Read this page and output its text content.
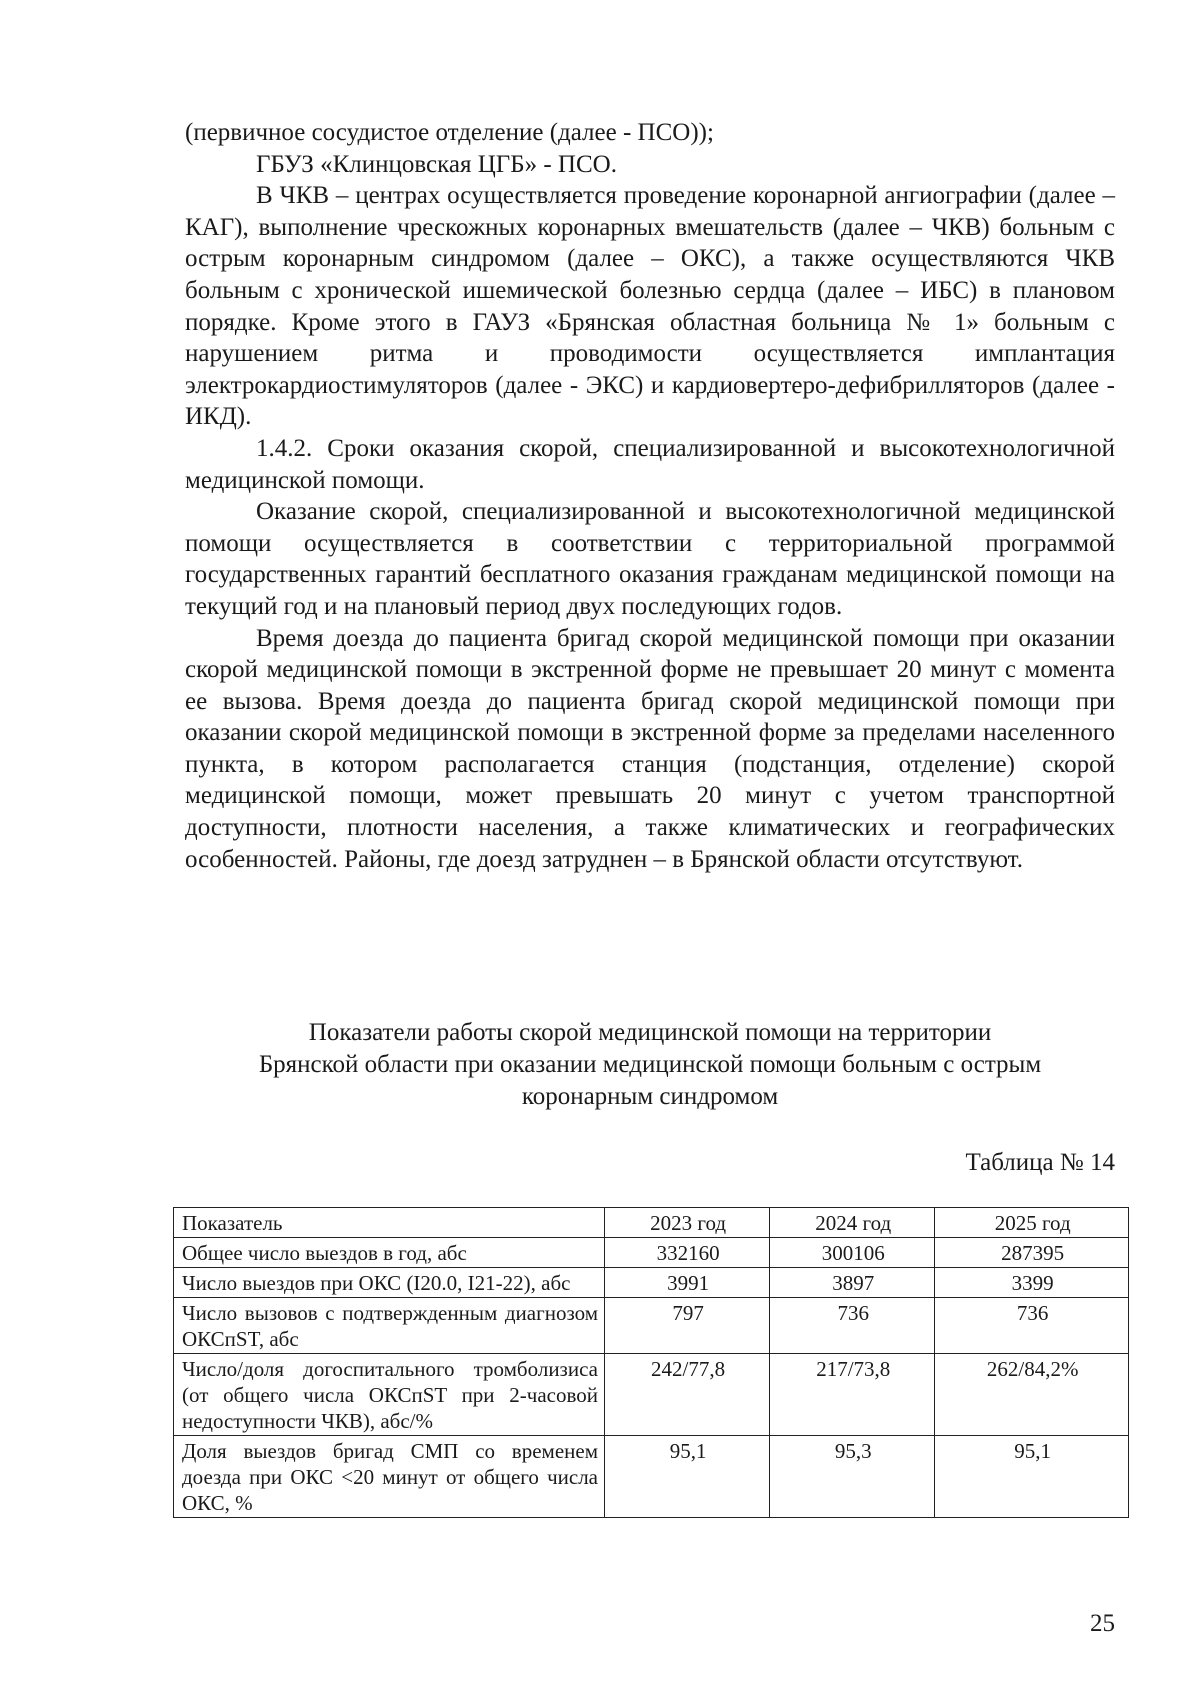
(первичное сосудистое отделение (далее - ПСО));

ГБУЗ «Клинцовская ЦГБ» - ПСО.

В ЧКВ – центрах осуществляется проведение коронарной ангиографии (далее – КАГ), выполнение чрескожных коронарных вмешательств (далее – ЧКВ) больным с острым коронарным синдромом (далее – ОКС), а также осуществляются ЧКВ больным с хронической ишемической болезнью сердца (далее – ИБС) в плановом порядке. Кроме этого в ГАУЗ «Брянская областная больница № 1» больным с нарушением ритма и проводимости осуществляется имплантация электрокардиостимуляторов (далее - ЭКС) и кардиовертеро-дефибрилляторов (далее - ИКД).

1.4.2. Сроки оказания скорой, специализированной и высокотехнологичной медицинской помощи.

Оказание скорой, специализированной и высокотехнологичной медицинской помощи осуществляется в соответствии с территориальной программой государственных гарантий бесплатного оказания гражданам медицинской помощи на текущий год и на плановый период двух последующих годов.

Время доезда до пациента бригад скорой медицинской помощи при оказании скорой медицинской помощи в экстренной форме не превышает 20 минут с момента ее вызова. Время доезда до пациента бригад скорой медицинской помощи при оказании скорой медицинской помощи в экстренной форме за пределами населенного пункта, в котором располагается станция (подстанция, отделение) скорой медицинской помощи, может превышать 20 минут с учетом транспортной доступности, плотности населения, а также климатических и географических особенностей. Районы, где доезд затруднен – в Брянской области отсутствуют.

Показатели работы скорой медицинской помощи на территории
Брянской области при оказании медицинской помощи больным с острым
коронарным синдромом
Таблица № 14
Показатель	2023 год	2024 год	2025 год
Общее число выездов в год, абс	332160	300106	287395
Число выездов при ОКС (I20.0, I21-22), абс	3991	3897	3399
Число вызовов с подтвержденным диагнозом ОКСпST, абс	797	736	736
Число/доля догоспитального тромболизиса (от общего числа ОКСпST при 2-часовой недоступности ЧКВ), абс/%	242/77,8	217/73,8	262/84,2%
Доля выездов бригад СМП со временем доезда при ОКС <20 минут от общего числа ОКС, %	95,1	95,3	95,1
25
